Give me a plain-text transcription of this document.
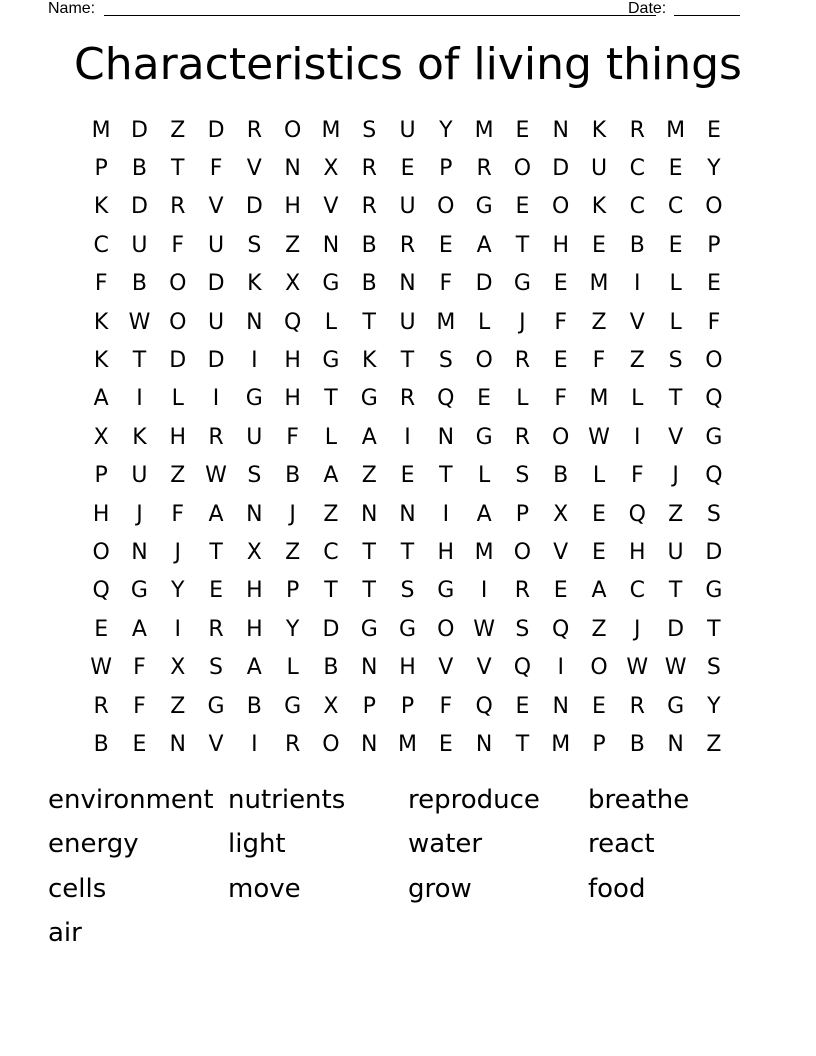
Name:	Date:
Characteristics of living things
M D	Z	D	R O M S	U	Y	M E	N	K	R M E
P	B	T	F	V	N	X	R	E	P	R O D U	C	E	Y
K	D	R	V	D H	V	R	U O G	E	O	K	C	C O
C	U	F	U	S	Z	N	B	R	E	A	T	H	E	B	E	P
F	B	O D	K	X	G	B	N	F	D G	E M	I	L	E
K W O U	N Q	L	T	U M	L	J	F	Z	V	L	F
K	T	D D	I	H G	K	T	S	O R	E	F	Z	S	O
A	I	L	I	G H	T	G	R Q	E	L	F	M	L	T	Q
X	K	H	R	U	F	L	A	I	N G	R O W	I	V	G
P	U	Z W S	B	A	Z	E	T	L	S	B	L	F	J	Q
H	J	F	A	N	J	Z	N N	I	A	P	X	E	Q	Z	S
O N	J	T	X	Z	C	T	T	H M O	V	E	H U D
Q G	Y	E	H	P	T	T	S	G	I	R	E	A	C	T	G
E	A	I	R	H	Y	D G G O W S	Q	Z	J	D	T
W F	X	S	A	L	B	N H	V	V	Q	I	O W W S
R	F	Z	G	B	G	X	P	P	F	Q	E	N	E	R	G	Y
B	E	N	V	I	R O N M E	N	T	M	P	B	N	Z
environment nutrients	reproduce	breathe
energy	light	water	react
cells	move	grow	food
air
